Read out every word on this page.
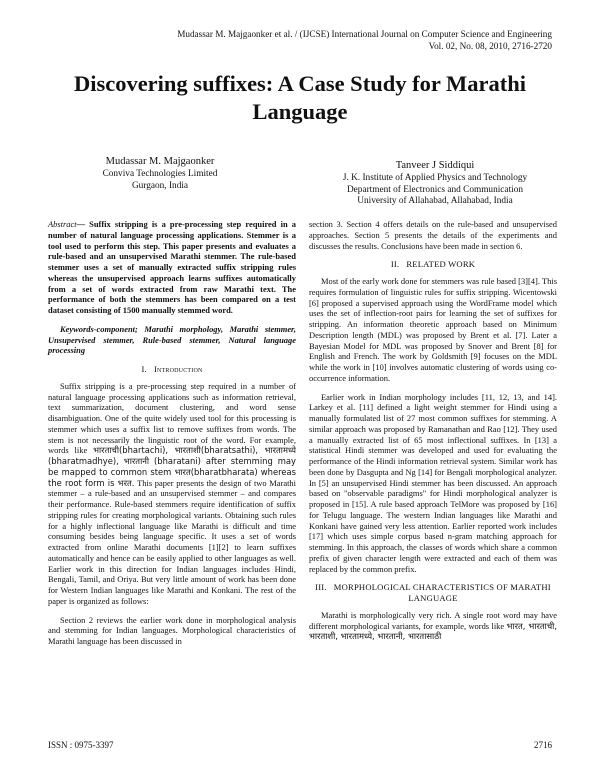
Mudassar M. Majgaonker et al. / (IJCSE) International Journal on Computer Science and Engineering
Vol. 02, No. 08, 2010, 2716-2720
Discovering suffixes: A Case Study for Marathi Language
Mudassar M. Majgaonker
Conviva Technologies Limited
Gurgaon, India
Tanveer J Siddiqui
J. K. Institute of Applied Physics and Technology
Department of Electronics and Communication
University of Allahabad, Allahabad, India

Abstract— Suffix stripping is a pre-processing step required in a number of natural language processing applications. Stemmer is a tool used to perform this step. This paper presents and evaluates a rule-based and an unsupervised Marathi stemmer. The rule-based stemmer uses a set of manually extracted suffix stripping rules whereas the unsupervised approach learns suffixes automatically from a set of words extracted from raw Marathi text. The performance of both the stemmers has been compared on a test dataset consisting of 1500 manually stemmed word.

Keywords-component; Marathi morphology, Marathi stemmer, Unsupervised stemmer, Rule-based stemmer, Natural language processing

I. Introduction

Suffix stripping is a pre-processing step required in a number of natural language processing applications such as information retrieval, text summarization, document clustering, and word sense disambiguation. One of the quite widely used tool for this processing is stemmer which uses a suffix list to remove suffixes from words. The stem is not necessarily the linguistic root of the word. For example, words like भारताची(bhartachi), भारताशी(bharatsathi), भारतामध्ये (bharatmadhye), भारतानी (bharatani) after stemming may be mapped to common stem भारत(bharatbharata) whereas the root form is भरत. This paper presents the design of two Marathi stemmer – a rule-based and an unsupervised stemmer – and compares their performance. Rule-based stemmers require identification of suffix stripping rules for creating morphological variants. Obtaining such rules for a highly inflectional language like Marathi is difficult and time consuming besides being language specific. It uses a set of words extracted from online Marathi documents [1][2] to learn suffixes automatically and hence can be easily applied to other languages as well. Earlier work in this direction for Indian languages includes Hindi, Bengali, Tamil, and Oriya. But very little amount of work has been done for Western Indian languages like Marathi and Konkani. The rest of the paper is organized as follows:

Section 2 reviews the earlier work done in morphological analysis and stemming for Indian languages. Morphological characteristics of Marathi language has been discussed in

section 3. Section 4 offers details on the rule-based and unsupervised approaches. Section 5 presents the details of the experiments and discusses the results. Conclusions have been made in section 6.

II. RELATED WORK

Most of the early work done for stemmers was rule based [3][4]. This requires formulation of linguistic rules for suffix stripping. Wicentowski [6] proposed a supervised approach using the WordFrame model which uses the set of inflection-root pairs for learning the set of suffixes for stripping. An information theoretic approach based on Minimum Description length (MDL) was proposed by Brent et al. [7]. Later a Bayesian Model for MDL was proposed by Snover and Brent [8] for English and French. The work by Goldsmith [9] focuses on the MDL while the work in [10] involves automatic clustering of words using co-occurrence information.

Earlier work in Indian morphology includes [11, 12, 13, and 14]. Larkey et al. [11] defined a light weight stemmer for Hindi using a manually formulated list of 27 most common suffixes for stemming. A similar approach was proposed by Ramanathan and Rao [12]. They used a manually extracted list of 65 most inflectional suffixes. In [13] a statistical Hindi stemmer was developed and used for evaluating the performance of the Hindi information retrieval system. Similar work has been done by Dasgupta and Ng [14] for Bengali morphological analyzer. In [5] an unsupervised Hindi stemmer has been discussed. An approach based on "observable paradigms" for Hindi morphological analyzer is proposed in [15]. A rule based approach TelMore was proposed by [16] for Telugu language. The western Indian languages like Marathi and Konkani have gained very less attention. Earlier reported work includes [17] which uses simple corpus based n-gram matching approach for stemming. In this approach, the classes of words which share a common prefix of given character length were extracted and each of them was replaced by the common prefix.

III. MORPHOLOGICAL CHARACTERISTICS OF MARATHI LANGUAGE

Marathi is morphologically very rich. A single root word may have different morphological variants, for example, words like भारत, भारताची, भारताशी, भारतामध्ये, भारतानी, भारतासाठी

ISSN : 0975-3397	2716
